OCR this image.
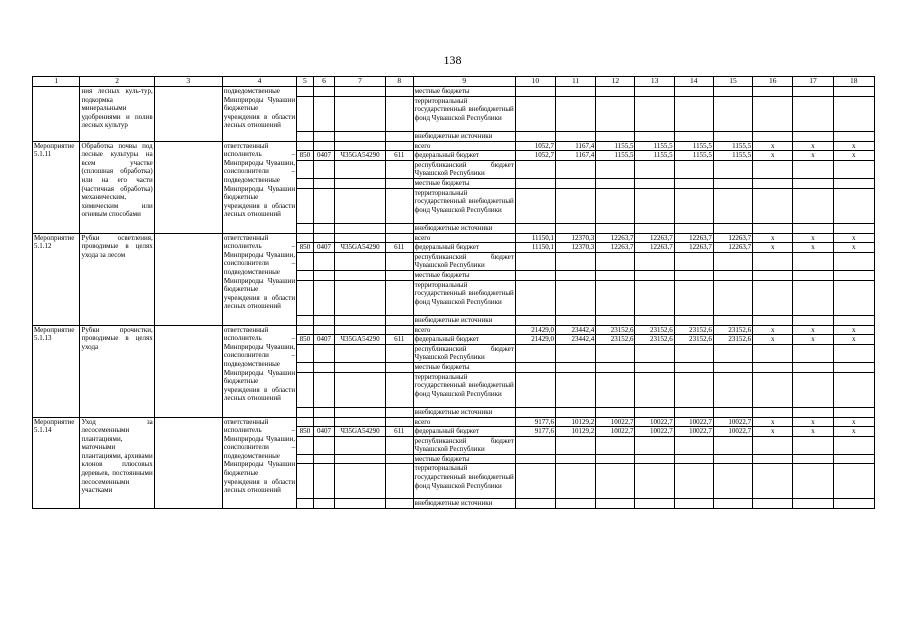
138
1	2	3	4	5	6	7	8	9	10	11	12	13	14	15	16	17	18
	ния лесных куль-тур, подкормка минеральными удобрениями и полив лесных культур		подведомственные Минприроды Чувашии бюджетные учреждения в области лесных отношений					местные бюджеты									
								территориальный государственный внебюджетный фонд Чувашской Республики									
								внебюджетные источники									
Мероприятие 5.1.11	Обработка почвы под лесные культуры на всем участке (сплошная обработка) или на его части (частичная обработка) механическим, химическим или огневым способами		ответственный исполнитель – Минприроды Чувашии, соисполнители – подведомственные Минприроды Чувашии бюджетные учреждения в области лесных отношений					всего	1052,7	1167,4	1155,5	1155,5	1155,5	1155,5	x	x	x
				850	0407	Ч35GА54290	611	федеральный бюджет	1052,7	1167,4	1155,5	1155,5	1155,5	1155,5	x	x	x
								республиканский бюджет Чувашской Республики									
								местные бюджеты									
								территориальный государственный внебюджетный фонд Чувашской Республики									
								внебюджетные источники									
Мероприятие 5.1.12	Рубки осветления, проводимые в целях ухода за лесом		ответственный исполнитель – Минприроды Чувашии, соисполнители – подведомственные Минприроды Чувашии бюджетные учреждения в области лесных отношений					всего	11150,1	12370,3	12263,7	12263,7	12263,7	12263,7	x	x	x
				850	0407	Ч35GА54290	611	федеральный бюджет	11150,1	12370,3	12263,7	12263,7	12263,7	12263,7	x	x	x
								республиканский бюджет Чувашской Республики									
								местные бюджеты									
								территориальный государственный внебюджетный фонд Чувашской Республики									
								внебюджетные источники									
Мероприятие 5.1.13	Рубки прочистки, проводимые в целях ухода		ответственный исполнитель – Минприроды Чувашии, соисполнители – подведомственные Минприроды Чувашии бюджетные учреждения в области лесных отношений					всего	21429,0	23442,4	23152,6	23152,6	23152,6	23152,6	x	x	x
				850	0407	Ч35GА54290	611	федеральный бюджет	21429,0	23442,4	23152,6	23152,6	23152,6	23152,6	x	x	x
								республиканский бюджет Чувашской Республики									
								местные бюджеты									
								территориальный государственный внебюджетный фонд Чувашской Республики									
								внебюджетные источники									
Мероприятие 5.1.14	Уход за лесосеменными плантациями, маточными плантациями, архивами клонов плюсовых деревьев, постоянными лесосеменными участками		ответственный исполнитель – Минприроды Чувашии, соисполнители – подведомственные Минприроды Чувашии бюджетные учреждения в области лесных отношений					всего	9177,6	10129,2	10022,7	10022,7	10022,7	10022,7	x	x	x
				850	0407	Ч35GА54290	611	федеральный бюджет	9177,6	10129,2	10022,7	10022,7	10022,7	10022,7	x	x	x
								республиканский бюджет Чувашской Республики									
								местные бюджеты									
								территориальный государственный внебюджетный фонд Чувашской Республики									
								внебюджетные источники									
